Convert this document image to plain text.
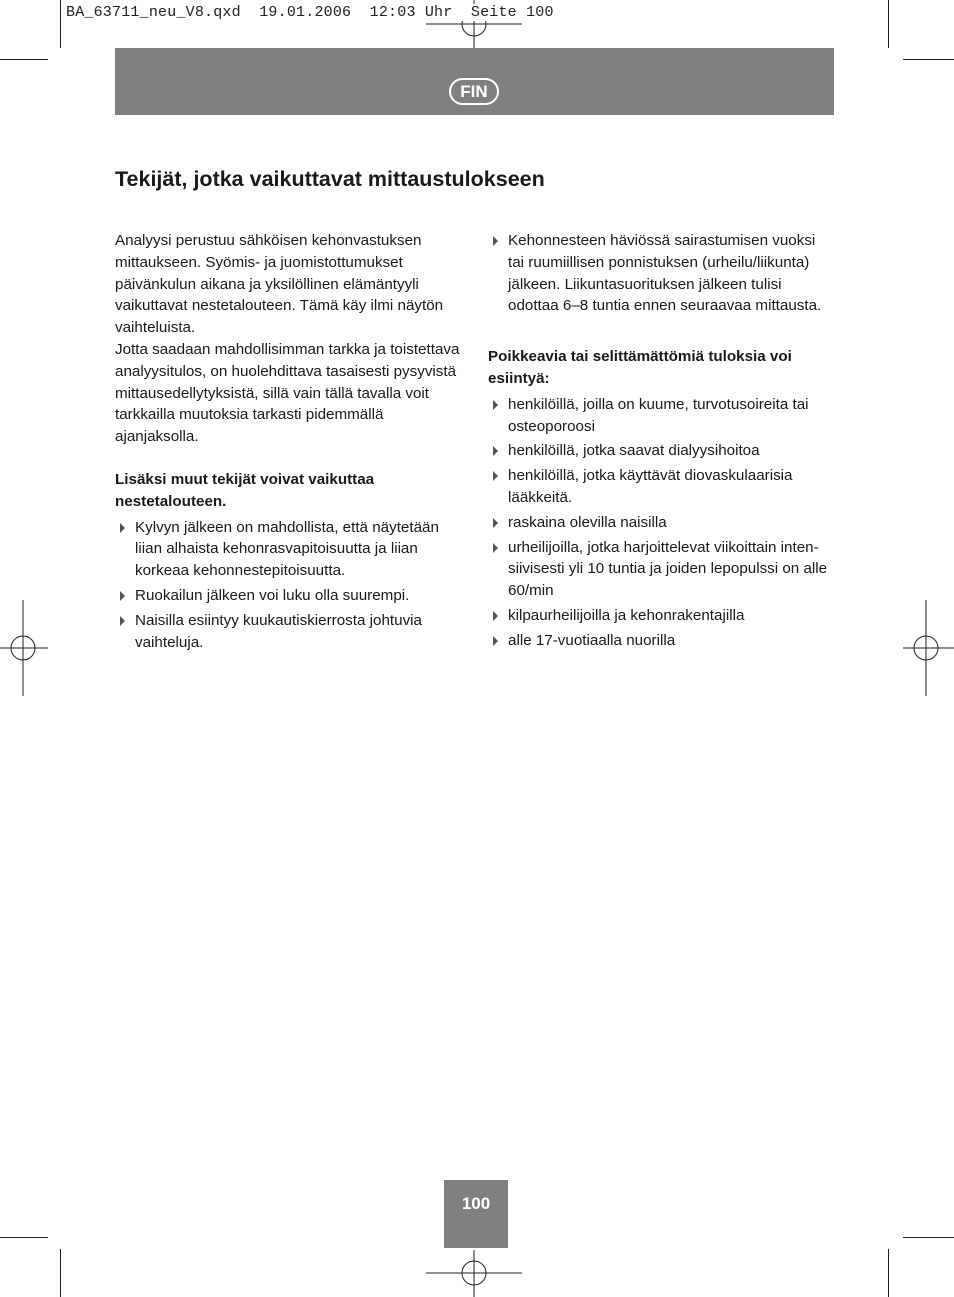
BA_63711_neu_V8.qxd  19.01.2006  12:03 Uhr  Seite 100
FIN
Tekijät, jotka vaikuttavat mittaustulokseen

Analyysi perustuu sähköisen kehonvastuksen mittaukseen. Syömis- ja juomistottumukset päivänkulun aikana ja yksilöllinen elämäntyyli vaikuttavat nestetalouteen. Tämä käy ilmi näytön vaihteluista.

Jotta saadaan mahdollisimman tarkka ja toistettava analyysitulos, on huolehdittava tasaisesti pysyvistä mittausedellytyksistä, sillä vain tällä tavalla voit tarkkailla muutoksia tarkasti pidemmällä ajanjaksolla.

Lisäksi muut tekijät voivat vaikuttaa nestetalouteen.

Kylvyn jälkeen on mahdollista, että näytetään liian alhaista kehonrasvapitoisuutta ja liian korkeaa kehonnestepitoisuutta.
Ruokailun jälkeen voi luku olla suurempi.
Naisilla esiintyy kuukautiskierrosta johtuvia vaihteluja.
Kehonnesteen häviössä sairastumisen vuoksi tai ruumiillisen ponnistuksen (urheilu/liikunta) jälkeen. Liikuntasuorituksen jälkeen tulisi odottaa 6–8 tuntia ennen seuraavaa mittausta.

Poikkeavia tai selittämättömiä tuloksia voi esiintyä:

henkilöillä, joilla on kuume, turvotusoireita tai osteoporoosi
henkilöillä, jotka saavat dialyysihoitoa
henkilöillä, jotka käyttävät diovaskulaarisia lääkkeitä.
raskaina olevilla naisilla
urheilijoilla, jotka harjoittelevat viikoittain inten-siivisesti yli 10 tuntia ja joiden lepopulssi on alle 60/min
kilpaurheilijoilla ja kehonrakentajilla
alle 17-vuotiaalla nuorilla
100
